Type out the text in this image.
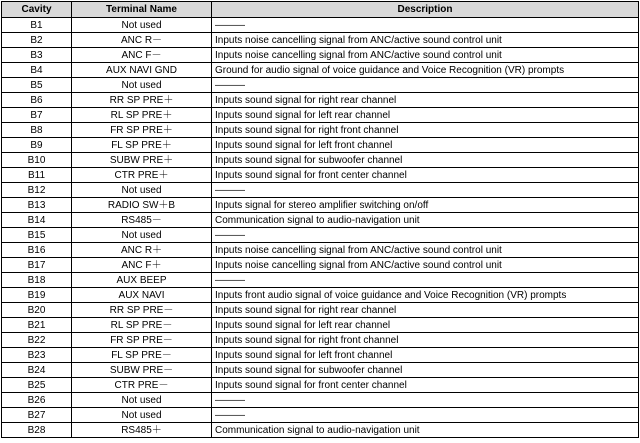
Cavity	Terminal Name	Description
B1	Not used	———
B2	ANC R－	Inputs noise cancelling signal from ANC/active sound control unit
B3	ANC F－	Inputs noise cancelling signal from ANC/active sound control unit
B4	AUX NAVI GND	Ground for audio signal of voice guidance and Voice Recognition (VR) prompts
B5	Not used	———
B6	RR SP PRE＋	Inputs sound signal for right rear channel
B7	RL SP PRE＋	Inputs sound signal for left rear channel
B8	FR SP PRE＋	Inputs sound signal for right front channel
B9	FL SP PRE＋	Inputs sound signal for left front channel
B10	SUBW PRE＋	Inputs sound signal for subwoofer channel
B11	CTR PRE＋	Inputs sound signal for front center channel
B12	Not used	———
B13	RADIO SW＋B	Inputs signal for stereo amplifier switching on/off
B14	RS485－	Communication signal to audio-navigation unit
B15	Not used	———
B16	ANC R＋	Inputs noise cancelling signal from ANC/active sound control unit
B17	ANC F＋	Inputs noise cancelling signal from ANC/active sound control unit
B18	AUX BEEP	———
B19	AUX NAVI	Inputs front audio signal of voice guidance and Voice Recognition (VR) prompts
B20	RR SP PRE－	Inputs sound signal for right rear channel
B21	RL SP PRE－	Inputs sound signal for left rear channel
B22	FR SP PRE－	Inputs sound signal for right front channel
B23	FL SP PRE－	Inputs sound signal for left front channel
B24	SUBW PRE－	Inputs sound signal for subwoofer channel
B25	CTR PRE－	Inputs sound signal for front center channel
B26	Not used	———
B27	Not used	———
B28	RS485＋	Communication signal to audio-navigation unit
